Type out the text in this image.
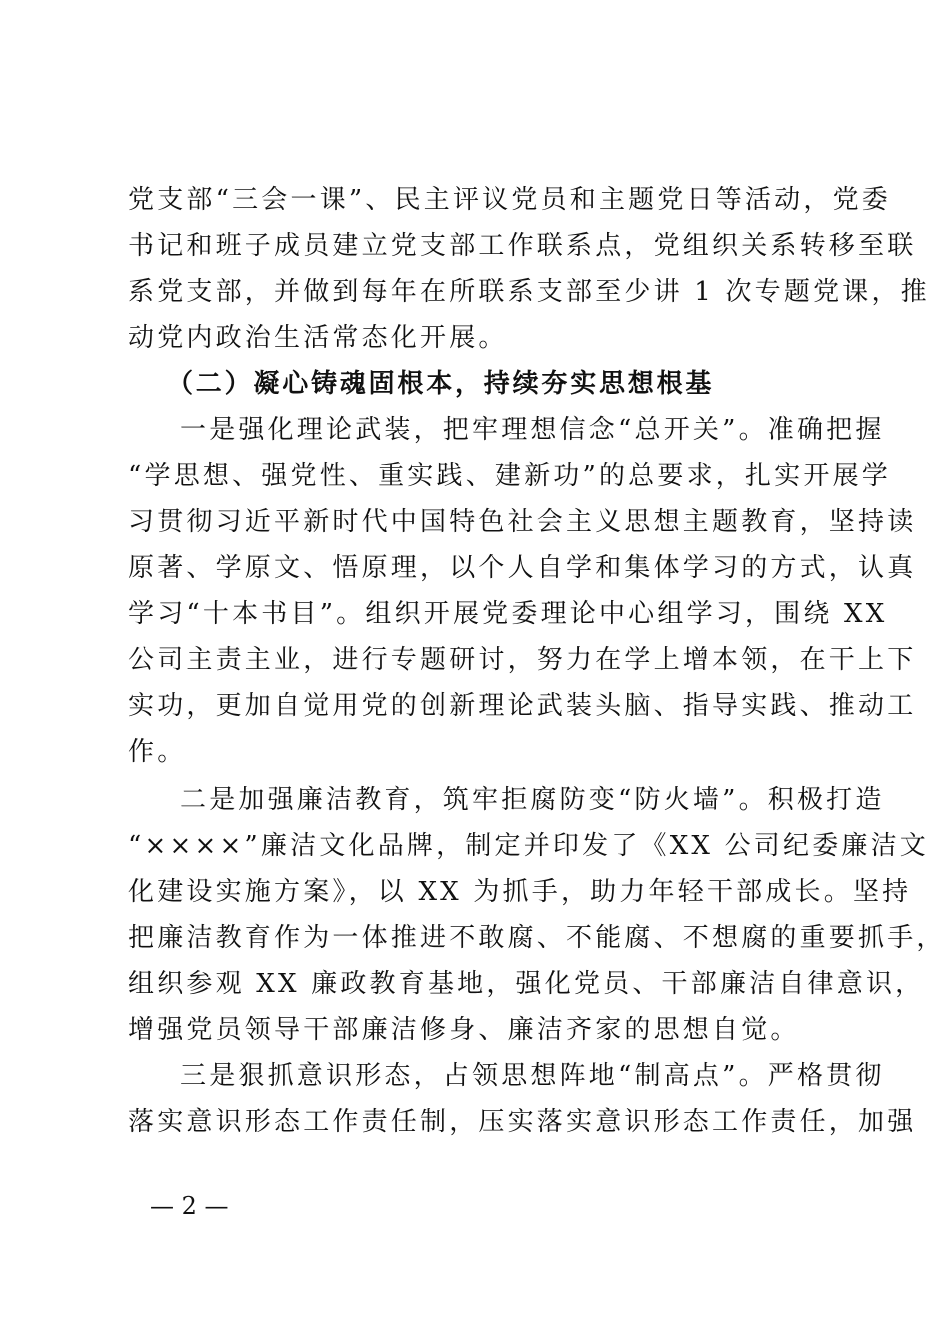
党支部“三会一课”、民主评议党员和主题党日等活动，党委
书记和班子成员建立党支部工作联系点，党组织关系转移至联
系党支部，并做到每年在所联系支部至少讲 1 次专题党课，推
动党内政治生活常态化开展。
（二）凝心铸魂固根本，持续夯实思想根基
一是强化理论武装，把牢理想信念“总开关”。准确把握
“学思想、强党性、重实践、建新功”的总要求，扎实开展学
习贯彻习近平新时代中国特色社会主义思想主题教育，坚持读
原著、学原文、悟原理，以个人自学和集体学习的方式，认真
学习“十本书目”。组织开展党委理论中心组学习，围绕 XX
公司主责主业，进行专题研讨，努力在学上增本领，在干上下
实功，更加自觉用党的创新理论武装头脑、指导实践、推动工
作。
二是加强廉洁教育，筑牢拒腐防变“防火墙”。积极打造
“××××”廉洁文化品牌，制定并印发了《XX 公司纪委廉洁文
化建设实施方案》，以 XX 为抓手，助力年轻干部成长。坚持
把廉洁教育作为一体推进不敢腐、不能腐、不想腐的重要抓手，
组织参观 XX 廉政教育基地，强化党员、干部廉洁自律意识，
增强党员领导干部廉洁修身、廉洁齐家的思想自觉。
三是狠抓意识形态，占领思想阵地“制高点”。严格贯彻
落实意识形态工作责任制，压实落实意识形态工作责任，加强
— 2 —
